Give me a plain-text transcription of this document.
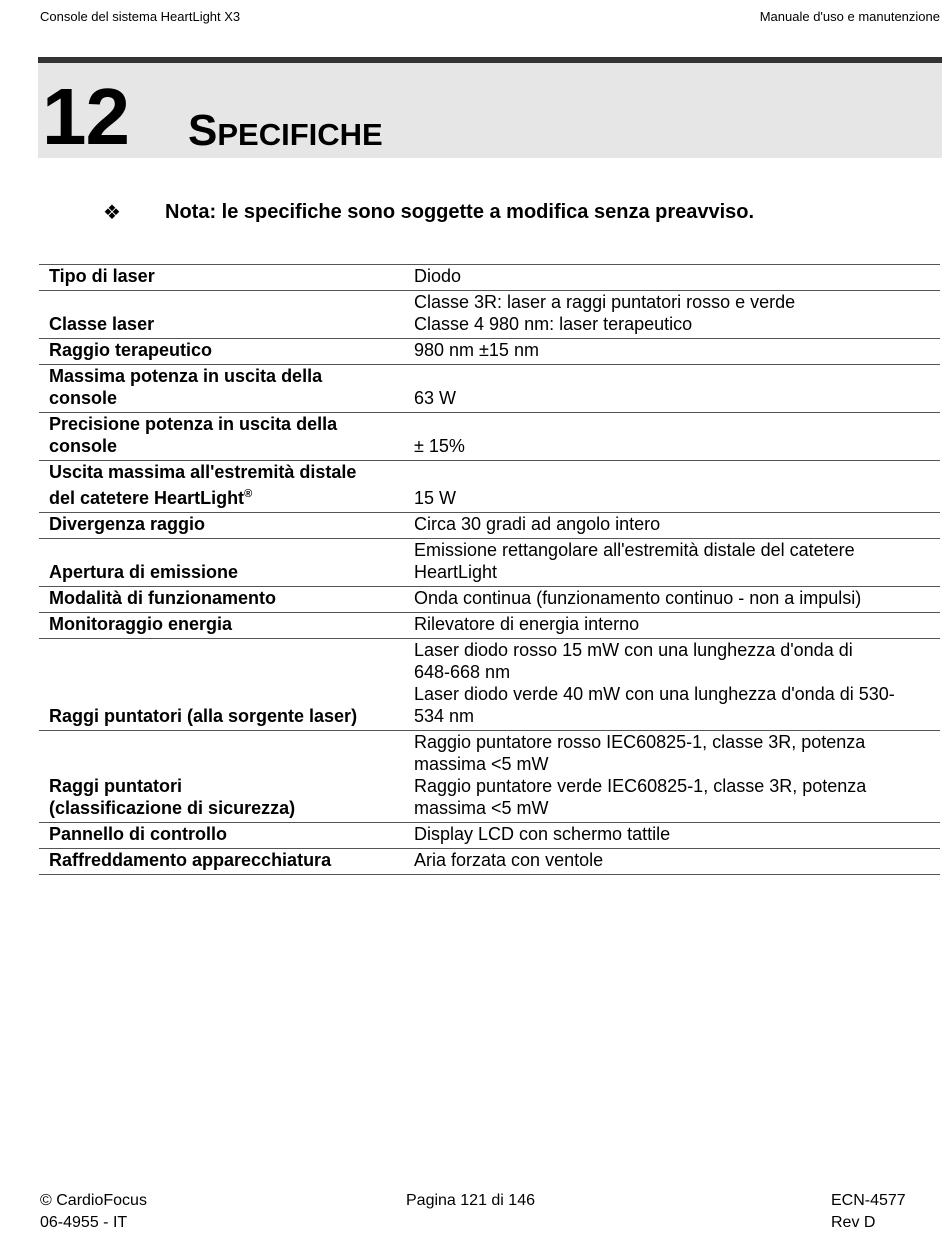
Console del sistema HeartLight X3	Manuale d'uso e manutenzione
12 Specifiche
❖ Nota: le specifiche sono soggette a modifica senza preavviso.
Tipo di laser	Diodo

Classe laser	Classe 3R: laser a raggi puntatori rosso e verde
Classe 4 980 nm: laser terapeutico

Raggio terapeutico	980 nm ±15 nm

Massima potenza in uscita della
console	63 W

Precisione potenza in uscita della
console	± 15%

Uscita massima all'estremità distale
del catetere HeartLight®	15 W

Divergenza raggio	Circa 30 gradi ad angolo intero

Apertura di emissione	Emissione rettangolare all'estremità distale del catetere
HeartLight

Modalità di funzionamento	Onda continua (funzionamento continuo - non a impulsi)

Monitoraggio energia	Rilevatore di energia interno

Raggi puntatori (alla sorgente laser)	Laser diodo rosso 15 mW con una lunghezza d'onda di
648-668 nm
Laser diodo verde 40 mW con una lunghezza d'onda di 530-
534 nm

Raggi puntatori
(classificazione di sicurezza)	Raggio puntatore rosso IEC60825-1, classe 3R, potenza
massima <5 mW
Raggio puntatore verde IEC60825-1, classe 3R, potenza
massima <5 mW

Pannello di controllo	Display LCD con schermo tattile

Raffreddamento apparecchiatura	Aria forzata con ventole
© CardioFocus
06-4955 - IT
Pagina 121 di 146	ECN-4577
Rev D
